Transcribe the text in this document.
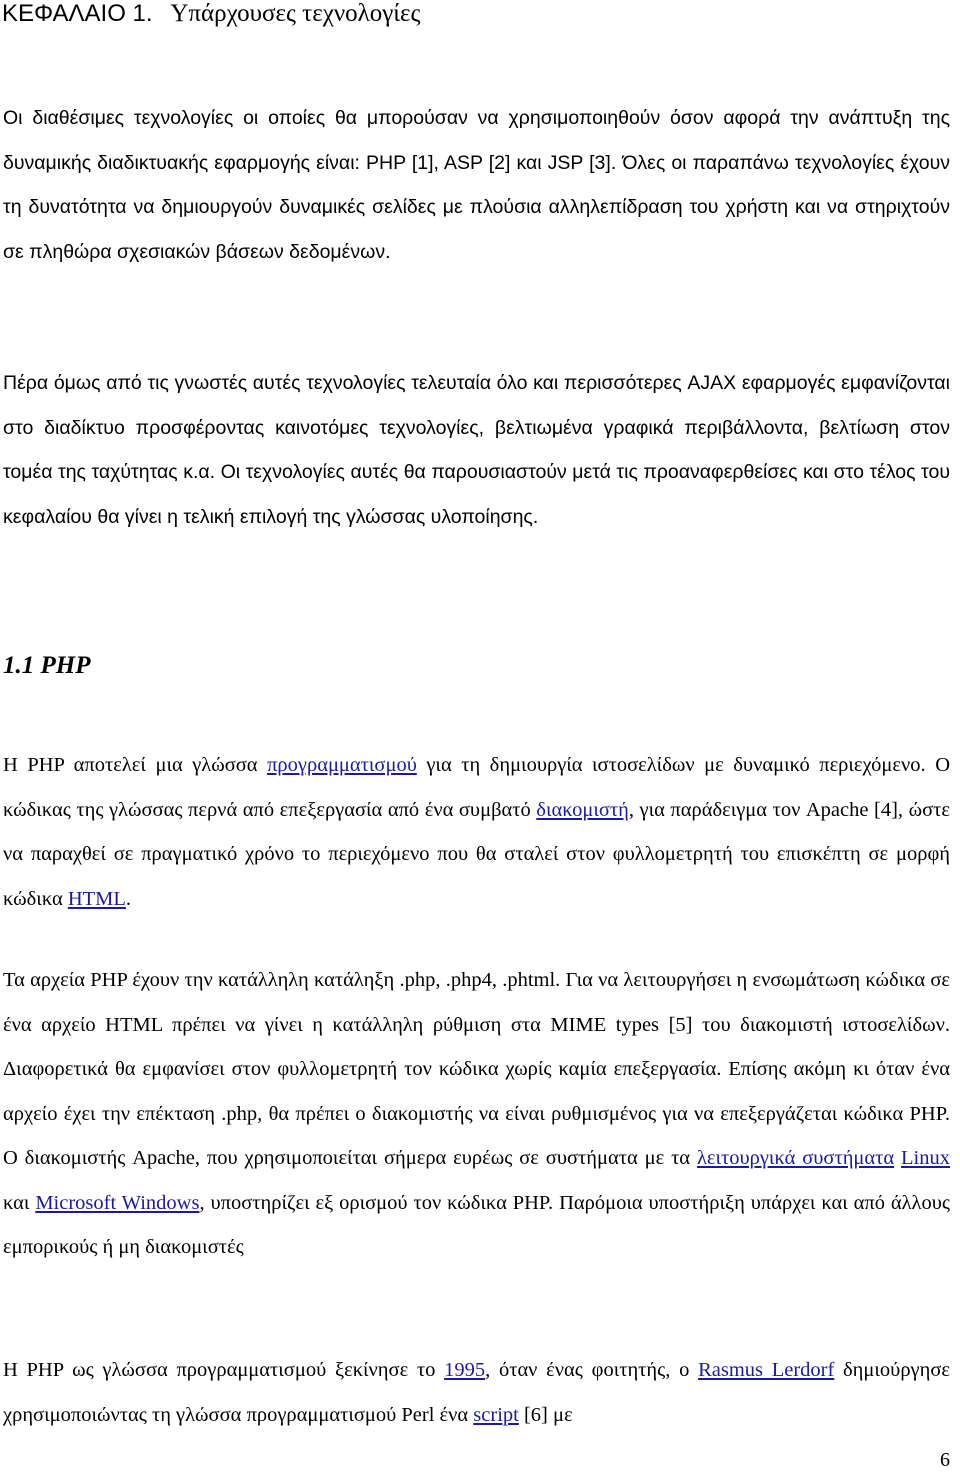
ΚΕΦΑΛΑΙΟ 1. Υπάρχουσες τεχνολογίες

Οι διαθέσιμες τεχνολογίες οι οποίες θα μπορούσαν να χρησιμοποιηθούν όσον αφορά την ανάπτυξη της δυναμικής διαδικτυακής εφαρμογής είναι: PHP [1], ASP [2] και JSP [3]. Όλες οι παραπάνω τεχνολογίες έχουν τη δυνατότητα να δημιουργούν δυναμικές σελίδες με πλούσια αλληλεπίδραση του χρήστη και να στηριχτούν σε πληθώρα σχεσιακών βάσεων δεδομένων.

Πέρα όμως από τις γνωστές αυτές τεχνολογίες τελευταία όλο και περισσότερες AJAX εφαρμογές εμφανίζονται στο διαδίκτυο προσφέροντας καινοτόμες τεχνολογίες, βελτιωμένα γραφικά περιβάλλοντα, βελτίωση στον τομέα της ταχύτητας κ.α. Οι τεχνολογίες αυτές θα παρουσιαστούν μετά τις προαναφερθείσες και στο τέλος του κεφαλαίου θα γίνει η τελική επιλογή της γλώσσας υλοποίησης.

1.1 PHP

Η PHP αποτελεί μια γλώσσα προγραμματισμού για τη δημιουργία ιστοσελίδων με δυναμικό περιεχόμενο. Ο κώδικας της γλώσσας περνά από επεξεργασία από ένα συμβατό διακομιστή, για παράδειγμα τον Apache [4], ώστε να παραχθεί σε πραγματικό χρόνο το περιεχόμενο που θα σταλεί στον φυλλομετρητή του επισκέπτη σε μορφή κώδικα HTML.

Τα αρχεία PHP έχουν την κατάλληλη κατάληξη .php, .php4, .phtml. Για να λειτουργήσει η ενσωμάτωση κώδικα σε ένα αρχείο HTML πρέπει να γίνει η κατάλληλη ρύθμιση στα MIME types [5] του διακομιστή ιστοσελίδων. Διαφορετικά θα εμφανίσει στον φυλλομετρητή τον κώδικα χωρίς καμία επεξεργασία. Επίσης ακόμη κι όταν ένα αρχείο έχει την επέκταση .php, θα πρέπει ο διακομιστής να είναι ρυθμισμένος για να επεξεργάζεται κώδικα PHP. Ο διακομιστής Apache, που χρησιμοποιείται σήμερα ευρέως σε συστήματα με τα λειτουργικά συστήματα Linux και Microsoft Windows, υποστηρίζει εξ ορισμού τον κώδικα PHP. Παρόμοια υποστήριξη υπάρχει και από άλλους εμπορικούς ή μη διακομιστές

Η PHP ως γλώσσα προγραμματισμού ξεκίνησε το 1995, όταν ένας φοιτητής, ο Rasmus Lerdorf δημιούργησε χρησιμοποιώντας τη γλώσσα προγραμματισμού Perl ένα script [6] με

6
